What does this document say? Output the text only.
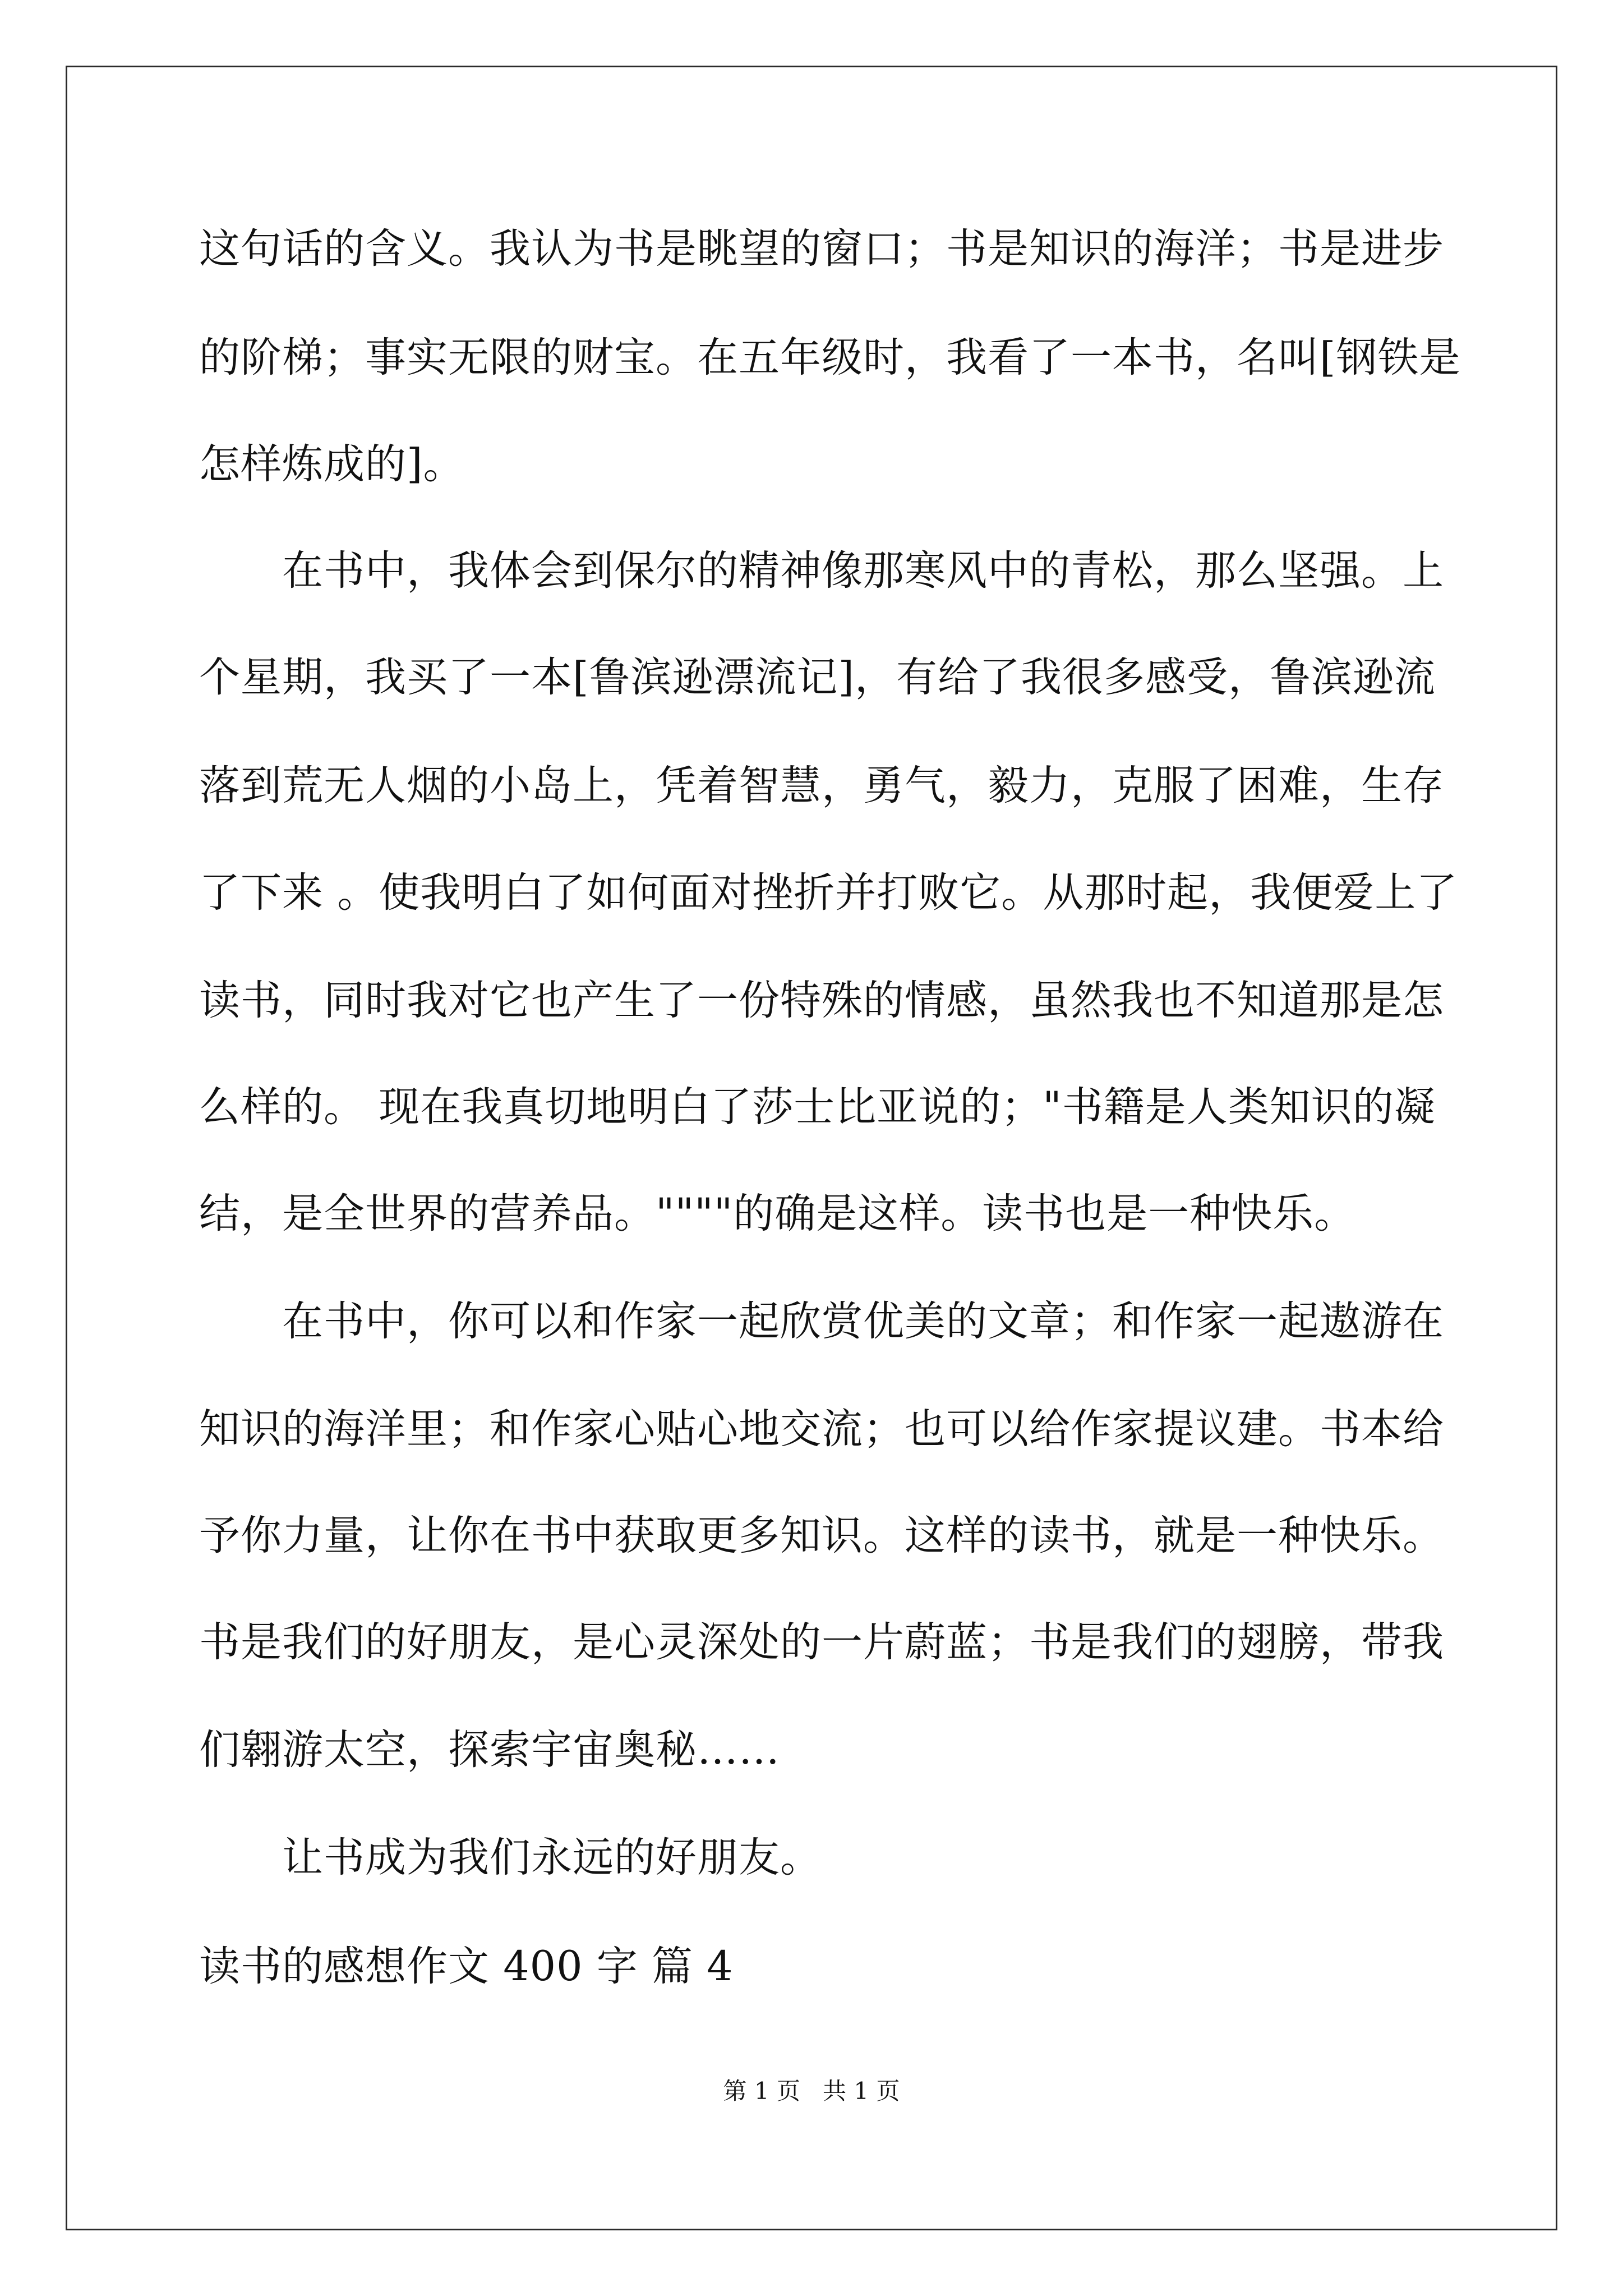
这句话的含义。我认为书是眺望的窗口；书是知识的海洋；书是进步
的阶梯；事实无限的财宝。在五年级时，我看了一本书，名叫[钢铁是
怎样炼成的]。
在书中，我体会到保尔的精神像那寒风中的青松，那么坚强。上
个星期，我买了一本[鲁滨逊漂流记]，有给了我很多感受，鲁滨逊流
落到荒无人烟的小岛上，凭着智慧，勇气，毅力，克服了困难，生存
了下来 。使我明白了如何面对挫折并打败它。从那时起，我便爱上了
读书，同时我对它也产生了一份特殊的情感，虽然我也不知道那是怎
么样的。 现在我真切地明白了莎士比亚说的；"书籍是人类知识的凝
结，是全世界的营养品。""""的确是这样。读书也是一种快乐。
在书中，你可以和作家一起欣赏优美的文章；和作家一起遨游在
知识的海洋里；和作家心贴心地交流；也可以给作家提议建。书本给
予你力量，让你在书中获取更多知识。这样的读书，就是一种快乐。
书是我们的好朋友，是心灵深处的一片蔚蓝；书是我们的翅膀，带我
们翱游太空，探索宇宙奥秘……
让书成为我们永远的好朋友。
读书的感想作文 400 字 篇 4
第 1 页   共 1 页
